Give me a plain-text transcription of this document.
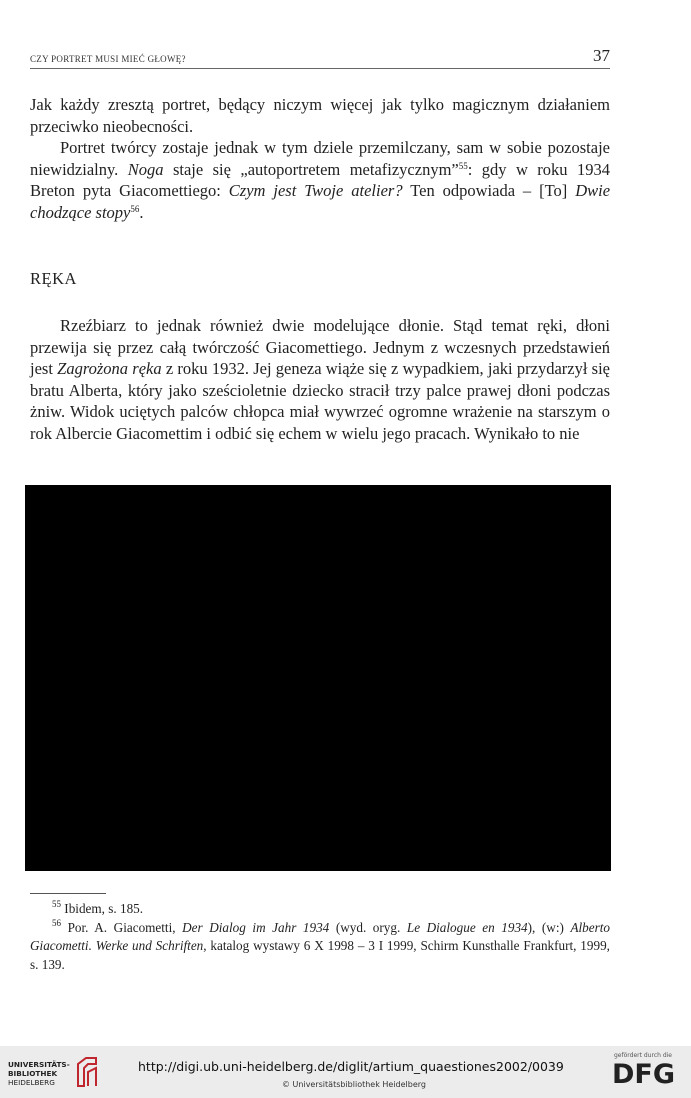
CZY PORTRET MUSI MIEĆ GŁOWĘ?	37

Jak każdy zresztą portret, będący niczym więcej jak tylko magicznym działaniem przeciwko nieobecności.

Portret twórcy zostaje jednak w tym dziele przemilczany, sam w sobie pozostaje niewidzialny. Noga staje się „autoportretem metafizycznym”$^{55}$: gdy w roku 1934 Breton pyta Giacomettiego: Czym jest Twoje atelier? Ten odpowiada – [To] Dwie chodzące stopy$^{56}$.

RĘKA

Rzeźbiarz to jednak również dwie modelujące dłonie. Stąd temat ręki, dłoni przewija się przez całą twórczość Giacomettiego. Jednym z wczesnych przedstawień jest Zagrożona ręka z roku 1932. Jej geneza wiąże się z wypadkiem, jaki przydarzył się bratu Alberta, który jako sześcioletnie dziecko stracił trzy palce prawej dłoni podczas żniw. Widok uciętych palców chłopca miał wywrzeć ogromne wrażenie na starszym o rok Albercie Giacomettim i odbić się echem w wielu jego pracach. Wynikało to nie

$^{55}$ Ibidem, s. 185.

$^{56}$ Por. A. Giacometti, Der Dialog im Jahr 1934 (wyd. oryg. Le Dialogue en 1934), (w:) Alberto Giacometti. Werke und Schriften, katalog wystawy 6 X 1998 – 3 I 1999, Schirm Kunsthalle Frankfurt, 1999, s. 139.

UNIVERSITÄTS-
BIBLIOTHEK
HEIDELBERG
http://digi.ub.uni-heidelberg.de/diglit/artium_quaestiones2002/0039
© Universitätsbibliothek Heidelberg
gefördert durch die
DFG
